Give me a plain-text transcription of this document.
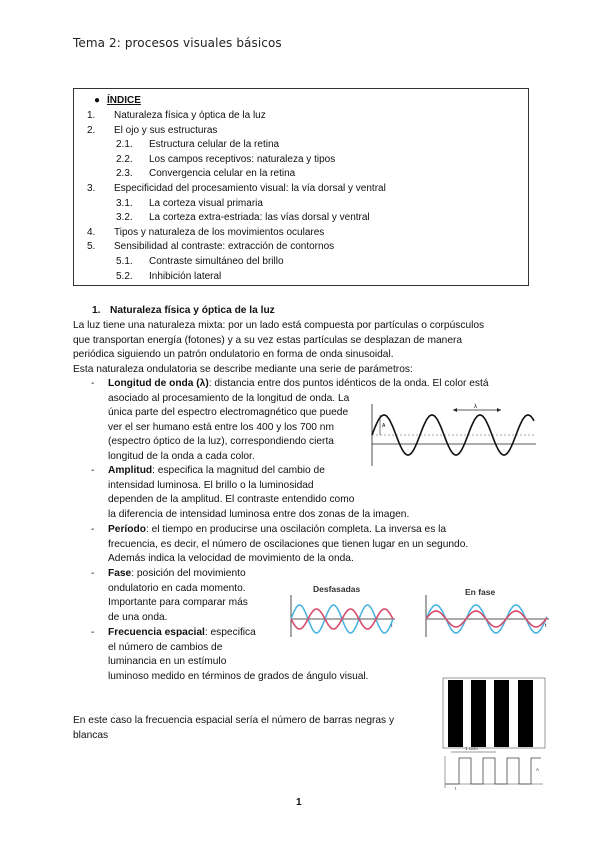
Tema 2: procesos visuales básicos
● ÍNDICE
1. Naturaleza física y óptica de la luz
2. El ojo y sus estructuras
2.1. Estructura celular de la retina
2.2. Los campos receptivos: naturaleza y tipos
2.3. Convergencia celular en la retina
3. Especificidad del procesamiento visual: la vía dorsal y ventral
3.1. La corteza visual primaria
3.2. La corteza extra-estriada: las vías dorsal y ventral
4. Tipos y naturaleza de los movimientos oculares
5. Sensibilidad al contraste: extracción de contornos
5.1. Contraste simultáneo del brillo
5.2. Inhibición lateral
1. Naturaleza física y óptica de la luz
La luz tiene una naturaleza mixta: por un lado está compuesta por partículas o corpúsculos
que transportan energía (fotones) y a su vez estas partículas se desplazan de manera
periódica siguiendo un patrón ondulatorio en forma de onda sinusoidal.
Esta naturaleza ondulatoria se describe mediante una serie de parámetros:
- Longitud de onda (λ): distancia entre dos puntos idénticos de la onda. El color está
asociado al procesamiento de la longitud de onda. La
única parte del espectro electromagnético que puede
ver el ser humano está entre los 400 y los 700 nm
(espectro óptico de la luz), correspondiendo cierta
longitud de la onda a cada color.
- Amplitud: especifica la magnitud del cambio de
intensidad luminosa. El brillo o la luminosidad
dependen de la amplitud. El contraste entendido como
la diferencia de intensidad luminosa entre dos zonas de la imagen.
- Período: el tiempo en producirse una oscilación completa. La inversa es la
frecuencia, es decir, el número de oscilaciones que tienen lugar en un segundo.
Además indica la velocidad de movimiento de la onda.
- Fase: posición del movimiento
ondulatorio en cada momento.
Importante para comparar más
de una onda.
- Frecuencia espacial: especifica
el número de cambios de
luminancia en un estímulo
luminoso medido en términos de grados de ángulo visual.
En este caso la frecuencia espacial sería el número de barras negras y
blancas
λ
A
Desfasadas	En fase
t	t
1 ciclo
t
A
1
